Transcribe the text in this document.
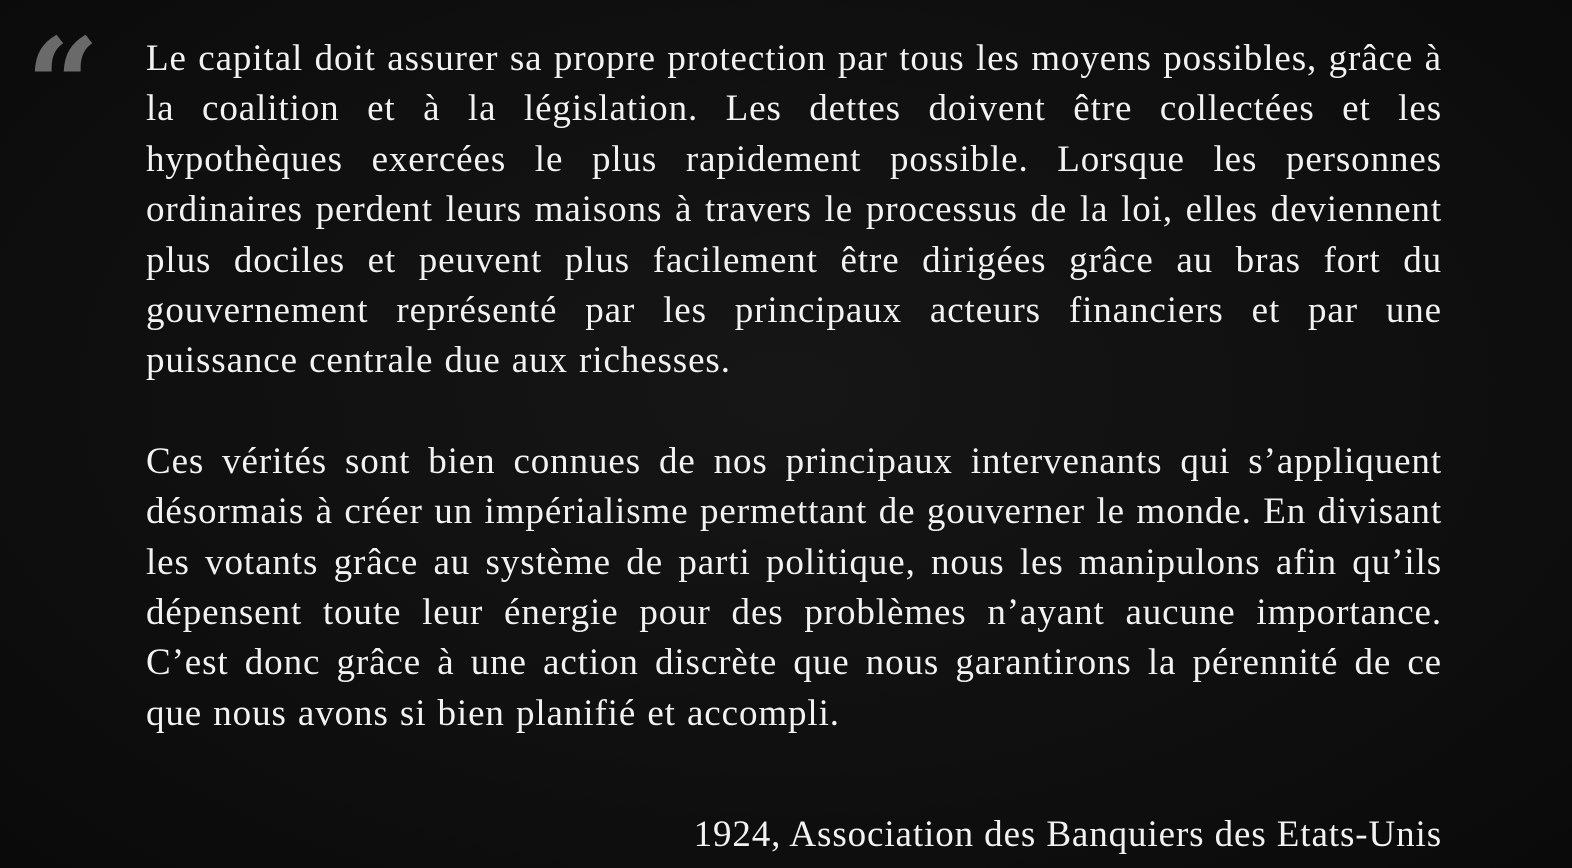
“ Le capital doit assurer sa propre protection par tous les moyens possibles, grâce à la coalition et à la législation. Les dettes doivent être collectées et les hypothèques exercées le plus rapidement possible. Lorsque les personnes ordinaires perdent leurs maisons à travers le processus de la loi, elles deviennent plus dociles et peuvent plus facilement être dirigées grâce au bras fort du gouvernement représenté par les principaux acteurs financiers et par une puissance centrale due aux richesses.

Ces vérités sont bien connues de nos principaux intervenants qui s’appliquent désormais à créer un impérialisme permettant de gouverner le monde. En divisant les votants grâce au système de parti politique, nous les manipulons afin qu’ils dépensent toute leur énergie pour des problèmes n’ayant aucune importance. C’est donc grâce à une action discrète que nous garantirons la pérennité de ce que nous avons si bien planifié et accompli.

1924, Association des Banquiers des Etats-Unis
